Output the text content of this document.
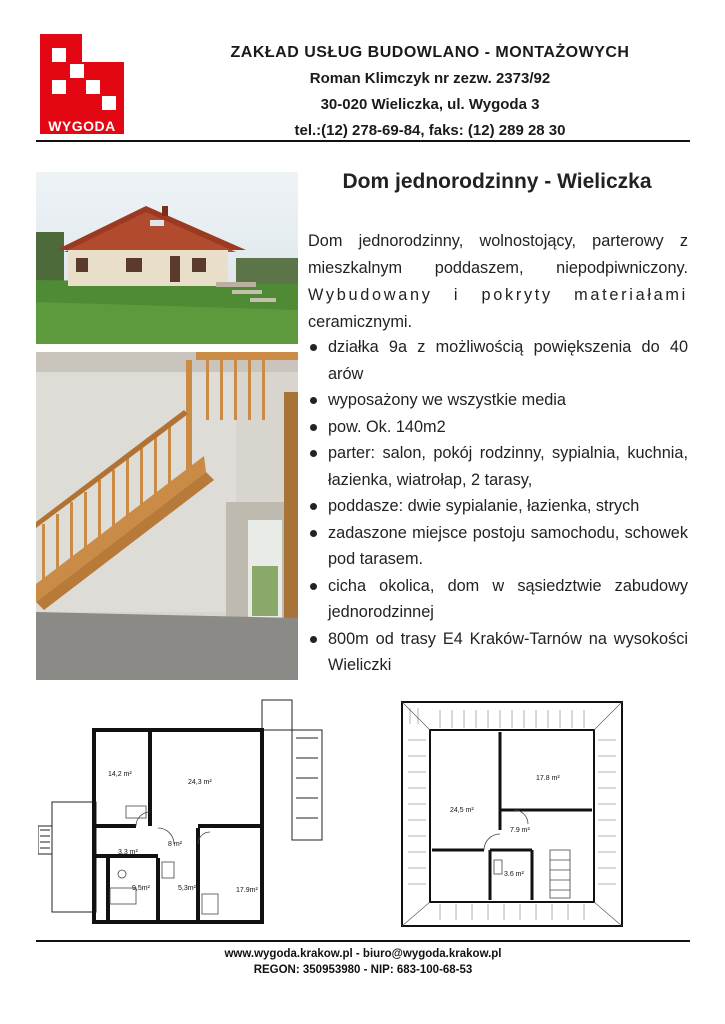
WYGODA
ZAKŁAD USŁUG BUDOWLANO - MONTAŻOWYCH
Roman Klimczyk nr zezw. 2373/92
30-020 Wieliczka, ul. Wygoda 3
tel.:(12) 278-69-84, faks: (12) 289 28 30
Dom jednorodzinny - Wieliczka
Dom jednorodzinny, wolnostojący, parterowy z mieszkalnym poddaszem, niepodpiwniczony. Wybudowany i pokryty materiałami ceramicznymi.
działka 9a z możliwością powiększenia do 40 arów
wyposażony we wszystkie media
pow. Ok. 140m2
parter: salon, pokój rodzinny, sypialnia, kuchnia, łazienka, wiatrołap, 2 tarasy,
poddasze: dwie sypialanie, łazienka, strych
zadaszone miejsce postoju samochodu, schowek pod tarasem.
cicha okolica, dom w sąsiedztwie zabudowy jednorodzinnej
800m od trasy E4 Kraków-Tarnów na wysokości Wieliczki
14,2 m²
24,3 m²
8 m²
3,3 m²
9,5m²	5,3m²	17.9m²
17.8 m²
24,5 m²
7.9 m²
3.6 m²
www.wygoda.krakow.pl - biuro@wygoda.krakow.pl
REGON: 350953980 - NIP: 683-100-68-53
